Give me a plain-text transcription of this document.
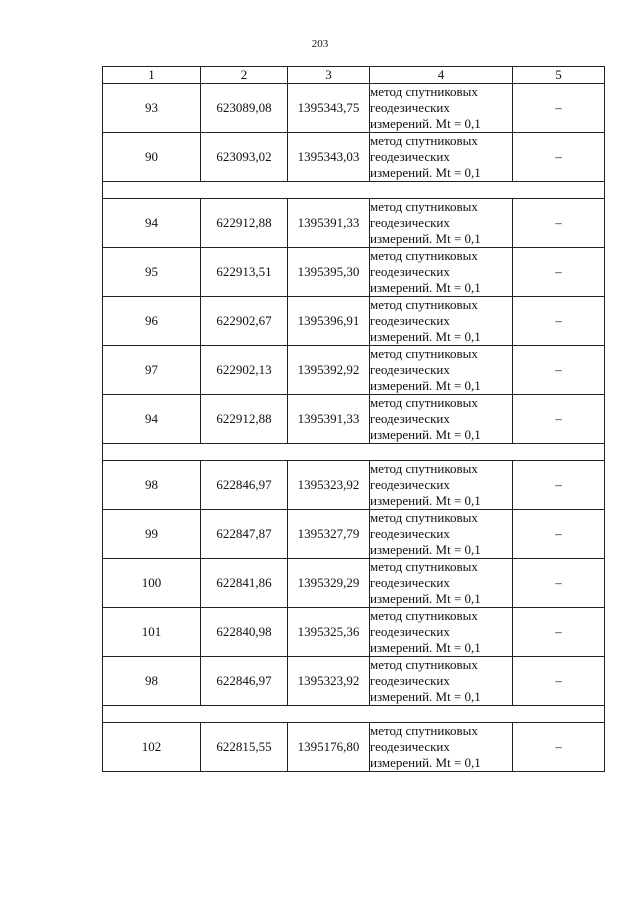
203
1	2	3	4	5
93	623089,08	1395343,75	метод спутниковых
геодезических
измерений. Mt = 0,1	–
90	623093,02	1395343,03	метод спутниковых
геодезических
измерений. Mt = 0,1	–

94	622912,88	1395391,33	метод спутниковых
геодезических
измерений. Mt = 0,1	–
95	622913,51	1395395,30	метод спутниковых
геодезических
измерений. Mt = 0,1	–
96	622902,67	1395396,91	метод спутниковых
геодезических
измерений. Mt = 0,1	–
97	622902,13	1395392,92	метод спутниковых
геодезических
измерений. Mt = 0,1	–
94	622912,88	1395391,33	метод спутниковых
геодезических
измерений. Mt = 0,1	–

98	622846,97	1395323,92	метод спутниковых
геодезических
измерений. Mt = 0,1	–
99	622847,87	1395327,79	метод спутниковых
геодезических
измерений. Mt = 0,1	–
100	622841,86	1395329,29	метод спутниковых
геодезических
измерений. Mt = 0,1	–
101	622840,98	1395325,36	метод спутниковых
геодезических
измерений. Mt = 0,1	–
98	622846,97	1395323,92	метод спутниковых
геодезических
измерений. Mt = 0,1	–

102	622815,55	1395176,80	метод спутниковых
геодезических
измерений. Mt = 0,1	–
